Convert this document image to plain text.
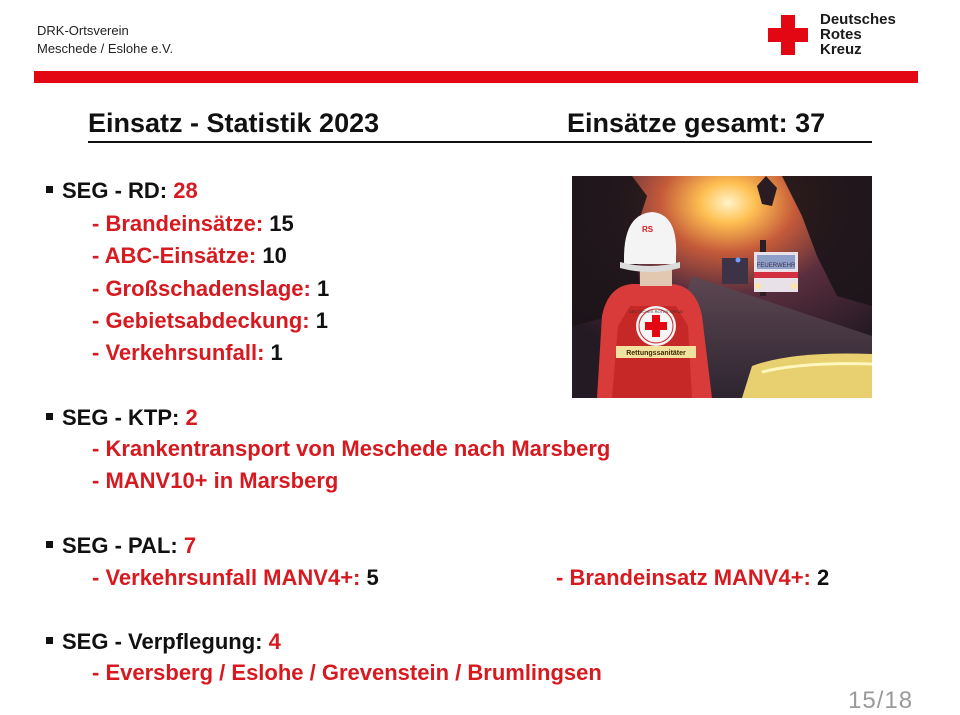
DRK-Ortsverein
Meschede / Eslohe e.V.
Deutsches
Rotes
Kreuz
Einsatz - Statistik 2023	Einsätze gesamt: 37
SEG - RD: 28
- Brandeinsätze: 15
- ABC-Einsätze: 10
- Großschadenslage: 1
- Gebietsabdeckung: 1
- Verkehrsunfall: 1
FEUERWEHR
Rettungssanitäter
DEUTSCHES ROTES KREUZ
RS
SEG - KTP: 2
- Krankentransport von Meschede nach Marsberg
- MANV10+ in Marsberg
SEG - PAL: 7
- Verkehrsunfall MANV4+: 5	- Brandeinsatz MANV4+: 2
SEG - Verpflegung: 4
- Eversberg / Eslohe / Grevenstein / Brumlingsen
15/18
